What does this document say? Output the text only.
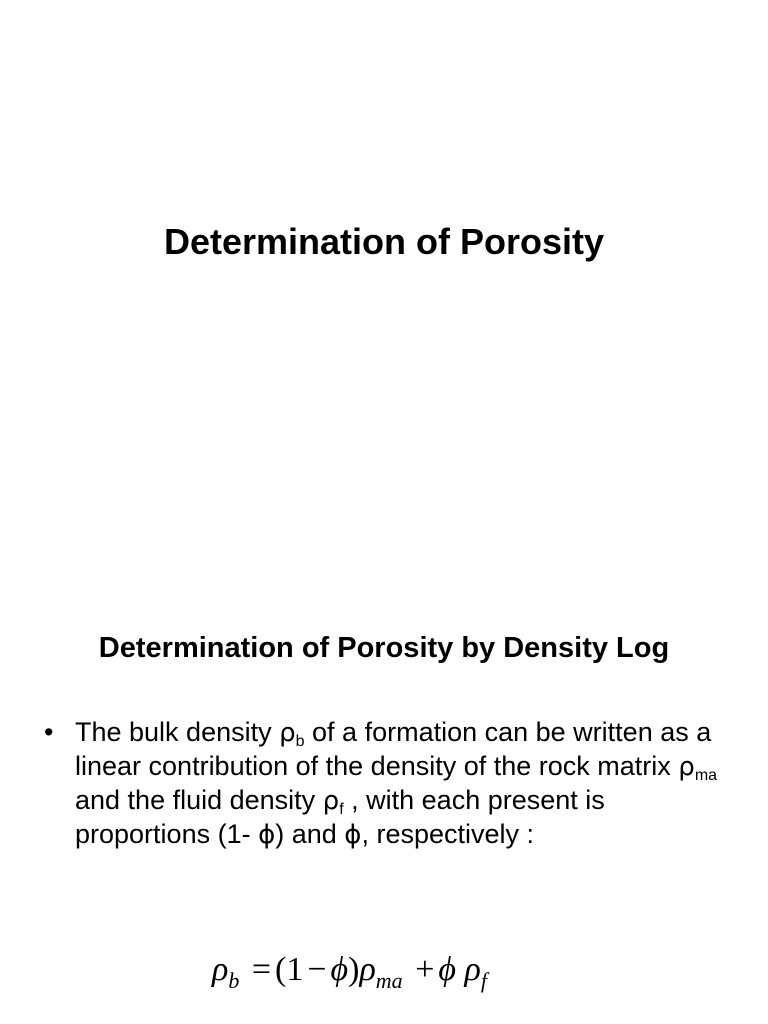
Determination of Porosity
Determination of Porosity by Density Log
• The bulk density $\rho_b$ of a formation can be written as a linear contribution of the density of the rock matrix $\rho_{ma}$ and the fluid density $\rho_f$ , with each present is proportions (1- ϕ) and ϕ, respectively :
$\rho_b = (1 - \phi)\rho_{ma} + \phi$ $\rho_f$
